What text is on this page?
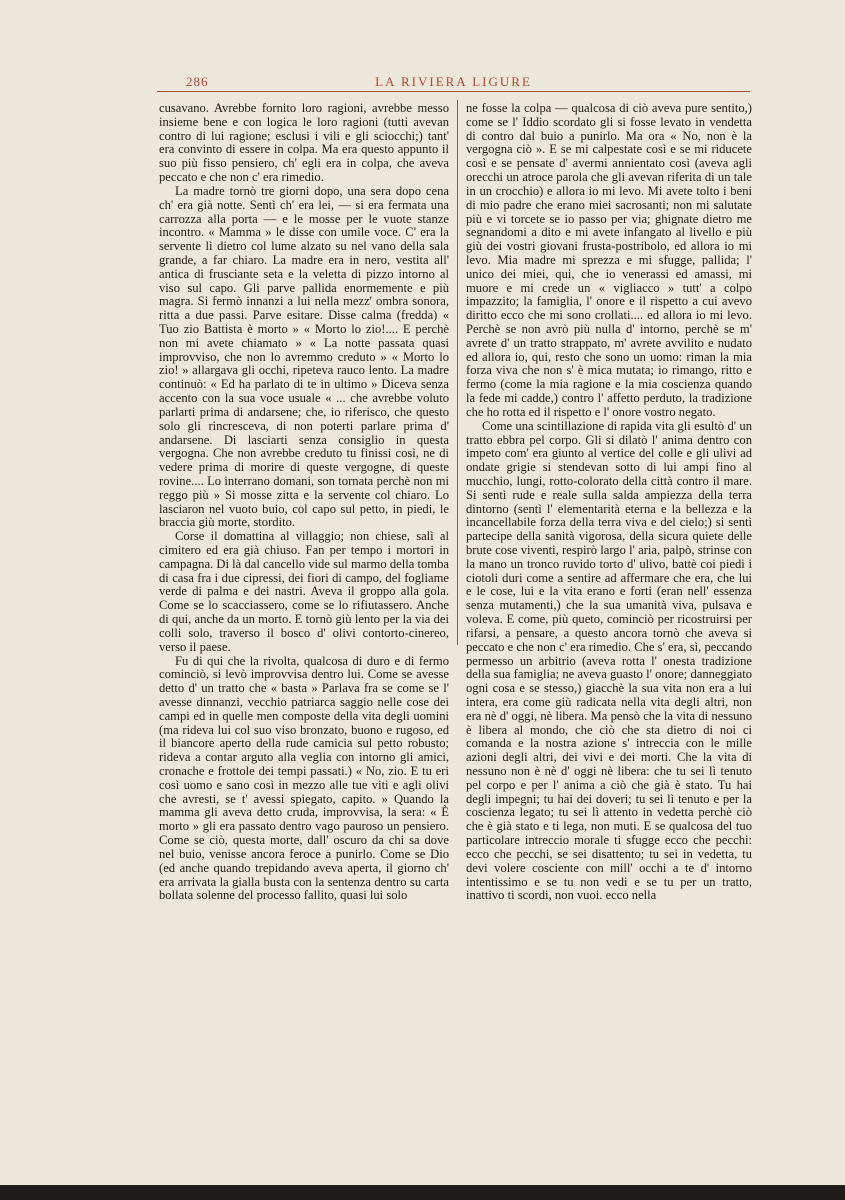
286	LA RIVIERA LIGURE

cusavano. Avrebbe fornito loro ragioni, avrebbe messo insieme bene e con logica le loro ragioni (tutti avevan contro di lui ragione; esclusi i vili e gli sciocchi;) tant' era convinto di essere in colpa. Ma era questo appunto il suo più fisso pensiero, ch' egli era in colpa, che aveva peccato e che non c' era rimedio.

La madre tornò tre giorni dopo, una sera dopo cena ch' era già notte. Sentì ch' era lei, — si era fermata una carrozza alla porta — e le mosse per le vuote stanze incontro. « Mamma » le disse con umile voce. C' era la servente lì dietro col lume alzato su nel vano della sala grande, a far chiaro. La madre era in nero, vestita all' antica di frusciante seta e la veletta di pizzo intorno al viso sul capo. Gli parve pallida enormemente e più magra. Si fermò innanzi a lui nella mezz' ombra sonora, ritta a due passi. Parve esitare. Disse calma (fredda) « Tuo zio Battista è morto » « Morto lo zio!.... E perchè non mi avete chiamato » « La notte passata quasi improvviso, che non lo avremmo creduto » « Morto lo zio! » allargava gli occhi, ripeteva rauco lento. La madre continuò: « Ed ha parlato di te in ultimo » Diceva senza accento con la sua voce usuale « ... che avrebbe voluto parlarti prima di andarsene; che, io riferisco, che questo solo gli rincresceva, di non poterti parlare prima d' andarsene. Di lasciarti senza consiglio in questa vergogna. Che non avrebbe creduto tu finissi così, ne di vedere prima di morire di queste vergogne, di queste rovine.... Lo interrano domani, son tornata perchè non mi reggo più » Si mosse zitta e la servente col chiaro. Lo lasciaron nel vuoto buio, col capo sul petto, in piedi, le braccia giù morte, stordito.

Corse il domattina al villaggio; non chiese, salì al cimitero ed era già chiuso. Fan per tempo i mortori in campagna. Di là dal cancello vide sul marmo della tomba di casa fra i due cipressi, dei fiori di campo, del fogliame verde di palma e dei nastri. Aveva il groppo alla gola. Come se lo scacciassero, come se lo rifiutassero. Anche di qui, anche da un morto. E tornò giù lento per la via dei colli solo, traverso il bosco d' olivi contorto-cinereo, verso il paese.

Fu di qui che la rivolta, qualcosa di duro e di fermo cominciò, si levò improvvisa dentro lui. Come se avesse detto d' un tratto che « basta » Parlava fra se come se l' avesse dinnanzi, vecchio patriarca saggio nelle cose dei campi ed in quelle men composte della vita degli uomini (ma rideva lui col suo viso bronzato, buono e rugoso, ed il biancore aperto della rude camicia sul petto robusto; rideva a contar arguto alla veglia con intorno gli amici, cronache e frottole dei tempi passati.) « No, zio. E tu eri così uomo e sano così in mezzo alle tue viti e agli olivi che avresti, se t' avessi spiegato, capito. » Quando la mamma gli aveva detto cruda, improvvisa, la sera: « È morto » gli era passato dentro vago pauroso un pensiero. Come se ciò, questa morte, dall' oscuro da chi sa dove nel buio, venisse ancora feroce a punirlo. Come se Dio (ed anche quando trepidando aveva aperta, il giorno ch' era arrivata la gialla busta con la sentenza dentro su carta bollata solenne del processo fallito, quasi lui solo

ne fosse la colpa — qualcosa di ciò aveva pure sentito,) come se l' Iddio scordato gli si fosse levato in vendetta di contro dal buio a punirlo. Ma ora « No, non è la vergogna ciò ». E se mi calpestate così e se mi riducete così e se pensate d' avermi annientato così (aveva agli orecchi un atroce parola che gli avevan riferita di un tale in un crocchio) e allora io mi levo. Mi avete tolto i beni di mio padre che erano miei sacrosanti; non mi salutate più e vi torcete se io passo per via; ghignate dietro me segnandomi a dito e mi avete infangato al livello e più giù dei vostri giovani frusta-postribolo, ed allora io mi levo. Mia madre mi sprezza e mi sfugge, pallida; l' unico dei miei, qui, che io venerassi ed amassi, mi muore e mi crede un « vigliacco » tutt' a colpo impazzito; la famiglia, l' onore e il rispetto a cui avevo diritto ecco che mi sono crollati.... ed allora io mi levo. Perchè se non avrò più nulla d' intorno, perchè se m' avrete d' un tratto strappato, m' avrete avvilito e nudato ed allora io, qui, resto che sono un uomo: riman la mia forza viva che non s' è mica mutata; io rimango, ritto e fermo (come la mia ragione e la mia coscienza quando la fede mi cadde,) contro l' affetto perduto, la tradizione che ho rotta ed il rispetto e l' onore vostro negato.

Come una scintillazione di rapida vita gli esultò d' un tratto ebbra pel corpo. Gli si dilatò l' anima dentro con impeto com' era giunto al vertice del colle e gli ulivi ad ondate grigie si stendevan sotto di lui ampi fino al mucchio, lungi, rotto-colorato della città contro il mare. Si sentì rude e reale sulla salda ampiezza della terra dintorno (sentì l' elementarità eterna e la bellezza e la incancellabile forza della terra viva e del cielo;) si sentì partecipe della sanità vigorosa, della sicura quiete delle brute cose viventi, respirò largo l' aria, palpò, strinse con la mano un tronco ruvido torto d' ulivo, battè coi piedi i ciotoli duri come a sentire ad affermare che era, che lui e le cose, lui e la vita erano e forti (eran nell' essenza senza mutamenti,) che la sua umanità viva, pulsava e voleva. E come, più queto, cominciò per ricostruirsi per rifarsi, a pensare, a questo ancora tornò che aveva si peccato e che non c' era rimedio. Che s' era, sì, peccando permesso un arbitrio (aveva rotta l' onesta tradizione della sua famiglia; ne aveva guasto l' onore; danneggiato ogni cosa e se stesso,) giacchè la sua vita non era a lui intera, era come giù radicata nella vita degli altri, non era nè d' oggi, nè libera. Ma pensò che la vita di nessuno è libera al mondo, che ciò che sta dietro di noi ci comanda e la nostra azione s' intreccia con le mille azioni degli altri, dei vivi e dei morti. Che la vita di nessuno non è nè d' oggi nè libera: che tu sei lì tenuto pel corpo e per l' anima a ciò che già è stato. Tu hai degli impegni; tu hai dei doveri; tu sei lì tenuto e per la coscienza legato; tu sei lì attento in vedetta perchè ciò che è già stato e ti lega, non muti. E se qualcosa del tuo particolare intreccio morale ti sfugge ecco che pecchi: ecco che pecchi, se sei disattento; tu sei in vedetta, tu devi volere cosciente con mill' occhi a te d' intorno intentissimo e se tu non vedi e se tu per un tratto, inattivo ti scordi, non vuoi. ecco nella
